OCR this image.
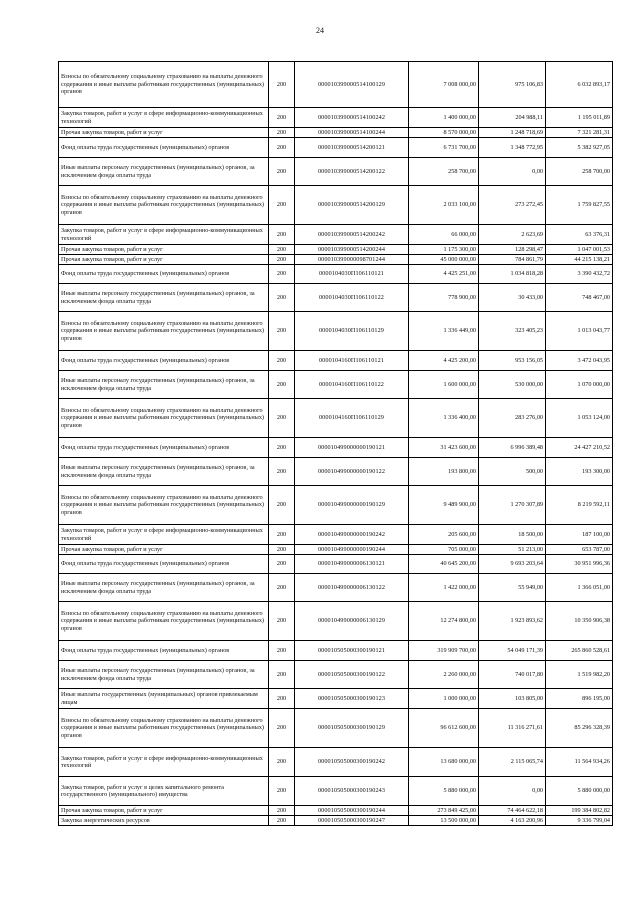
24
Взносы по обязательному социальному страхованию на выплаты денежного содержания и иные выплаты работникам государственных (муниципальных) органов	200	000010399000514100129	7 008 000,00	975 106,83	6 032 893,17
Закупка товаров, работ и услуг в сфере информационно-коммуникационных технологий	200	000010399000514100242	1 400 000,00	204 988,11	1 195 011,89
Прочая закупка товаров, работ и услуг	200	000010399000514100244	8 570 000,00	1 248 718,69	7 321 281,31
Фонд оплаты труда государственных (муниципальных) органов	200	000010399000514200121	6 731 700,00	1 348 772,95	5 382 927,05
Иные выплаты персоналу государственных (муниципальных) органов, за исключением фонда оплаты труда	200	000010399000514200122	258 700,00	0,00	258 700,00
Взносы по обязательному социальному страхованию на выплаты денежного содержания и иные выплаты работникам государственных (муниципальных) органов	200	000010399000514200129	2 033 100,00	273 272,45	1 759 827,55
Закупка товаров, работ и услуг в сфере информационно-коммуникационных технологий	200	000010399000514200242	66 000,00	2 623,69	63 376,31
Прочая закупка товаров, работ и услуг	200	000010399000514200244	1 175 300,00	128 298,47	1 047 001,53
Прочая закупка товаров, работ и услуг	200	000010399000098701244	45 000 000,00	784 861,79	44 215 138,21
Фонд оплаты труда государственных (муниципальных) органов	200	0000104030П106110121	4 425 251,00	1 034 818,28	3 390 432,72
Иные выплаты персоналу государственных (муниципальных) органов, за исключением фонда оплаты труда	200	0000104030П106110122	778 900,00	30 433,00	748 467,00
Взносы по обязательному социальному страхованию на выплаты денежного содержания и иные выплаты работникам государственных (муниципальных) органов	200	0000104030П106110129	1 336 449,00	323 405,23	1 013 043,77
Фонд оплаты труда государственных (муниципальных) органов	200	0000104160П106110121	4 425 200,00	953 156,05	3 472 043,95
Иные выплаты персоналу государственных (муниципальных) органов, за исключением фонда оплаты труда	200	0000104160П106110122	1 600 000,00	530 000,00	1 070 000,00
Взносы по обязательному социальному страхованию на выплаты денежного содержания и иные выплаты работникам государственных (муниципальных) органов	200	0000104160П106110129	1 336 400,00	283 276,00	1 053 124,00
Фонд оплаты труда государственных (муниципальных) органов	200	000010499000000190121	31 423 600,00	6 996 389,48	24 427 210,52
Иные выплаты персоналу государственных (муниципальных) органов, за исключением фонда оплаты труда	200	000010499000000190122	193 800,00	500,00	193 300,00
Взносы по обязательному социальному страхованию на выплаты денежного содержания и иные выплаты работникам государственных (муниципальных) органов	200	000010499000000190129	9 489 900,00	1 270 307,89	8 219 592,11
Закупка товаров, работ и услуг в сфере информационно-коммуникационных технологий	200	000010499000000190242	205 600,00	18 500,00	187 100,00
Прочая закупка товаров, работ и услуг	200	000010499000000190244	705 000,00	51 213,00	653 787,00
Фонд оплаты труда государственных (муниципальных) органов	200	000010499000006130121	40 645 200,00	9 693 203,64	30 951 996,36
Иные выплаты персоналу государственных (муниципальных) органов, за исключением фонда оплаты труда	200	000010499000006130122	1 422 000,00	55 949,00	1 366 051,00
Взносы по обязательному социальному страхованию на выплаты денежного содержания и иные выплаты работникам государственных (муниципальных) органов	200	000010499000006130129	12 274 800,00	1 923 893,62	10 350 906,38
Фонд оплаты труда государственных (муниципальных) органов	200	000010505000300190121	319 909 700,00	54 049 171,39	265 860 528,61
Иные выплаты персоналу государственных (муниципальных) органов, за исключением фонда оплаты труда	200	000010505000300190122	2 260 000,00	740 017,80	1 519 982,20
Иные выплаты государственных (муниципальных) органов привлекаемым лицам	200	000010505000300190123	1 000 000,00	103 805,00	896 195,00
Взносы по обязательному социальному страхованию на выплаты денежного содержания и иные выплаты работникам государственных (муниципальных) органов	200	000010505000300190129	96 612 600,00	11 316 271,61	85 296 328,39
Закупка товаров, работ и услуг в сфере информационно-коммуникационных технологий	200	000010505000300190242	13 680 000,00	2 115 065,74	11 564 934,26
Закупка товаров, работ и услуг в целях капитального ремонта государственного (муниципального) имущества	200	000010505000300190243	5 880 000,00	0,00	5 880 000,00
Прочая закупка товаров, работ и услуг	200	000010505000300190244	273 849 425,00	74 464 622,18	199 384 802,82
Закупка энергетических ресурсов	200	000010505000300190247	13 500 000,00	4 163 200,96	9 336 799,04
